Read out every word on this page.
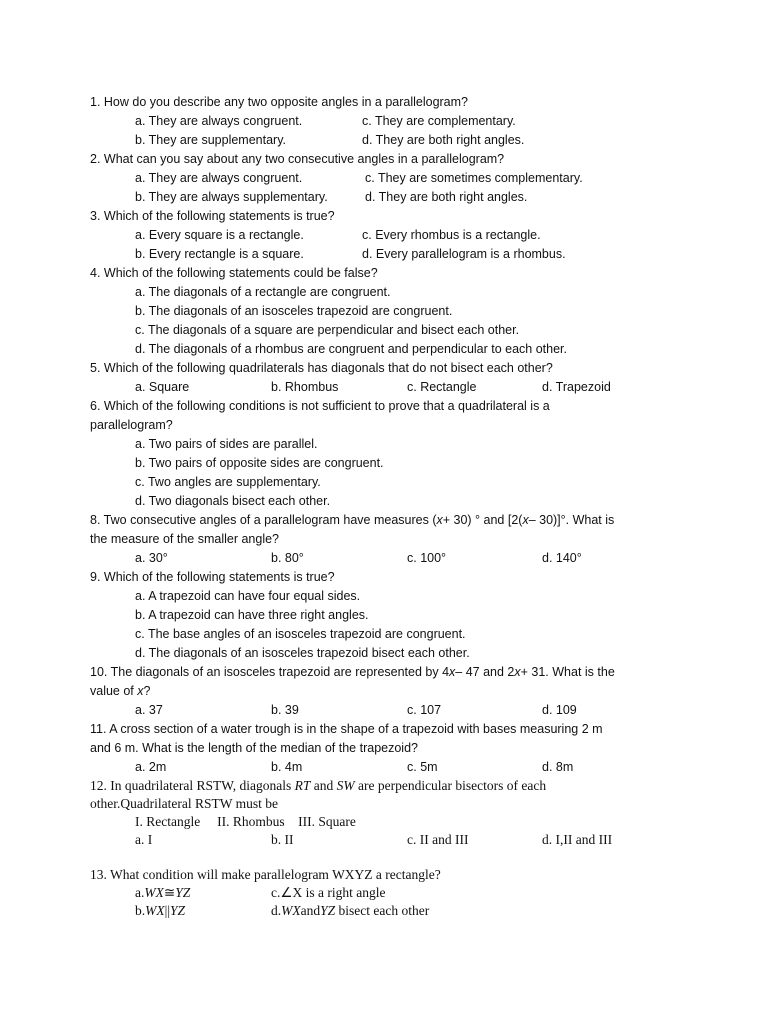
1. How do you describe any two opposite angles in a parallelogram?
a. They are always congruent.	c. They are complementary.
b. They are supplementary.	d. They are both right angles.
2. What can you say about any two consecutive angles in a parallelogram?
a. They are always congruent.	c. They are sometimes complementary.
b. They are always supplementary.	d. They are both right angles.
3. Which of the following statements is true?
a. Every square is a rectangle.	c. Every rhombus is a rectangle.
b. Every rectangle is a square.	d. Every parallelogram is a rhombus.
4. Which of the following statements could be false?
a. The diagonals of a rectangle are congruent.
b. The diagonals of an isosceles trapezoid are congruent.
c. The diagonals of a square are perpendicular and bisect each other.
d. The diagonals of a rhombus are congruent and perpendicular to each other.
5. Which of the following quadrilaterals has diagonals that do not bisect each other?
a. Square	b. Rhombus	c. Rectangle	d. Trapezoid
6. Which of the following conditions is not sufficient to prove that a quadrilateral is a
parallelogram?
a. Two pairs of sides are parallel.
b. Two pairs of opposite sides are congruent.
c. Two angles are supplementary.
d. Two diagonals bisect each other.
8. Two consecutive angles of a parallelogram have measures (x+ 30) ° and [2(x– 30)]°. What is
the measure of the smaller angle?
a. 30°	b. 80°	c. 100°	d. 140°
9. Which of the following statements is true?
a. A trapezoid can have four equal sides.
b. A trapezoid can have three right angles.
c. The base angles of an isosceles trapezoid are congruent.
d. The diagonals of an isosceles trapezoid bisect each other.
10. The diagonals of an isosceles trapezoid are represented by 4x– 47 and 2x+ 31. What is the
value of x?
a. 37	b. 39	c. 107	d. 109
11. A cross section of a water trough is in the shape of a trapezoid with bases measuring 2 m
and 6 m. What is the length of the median of the trapezoid?
a. 2m	b. 4m	c. 5m	d. 8m
12. In quadrilateral RSTW, diagonals RT and SW are perpendicular bisectors of each
other.Quadrilateral RSTW must be
I. Rectangle     II. Rhombus    III. Square
a. I	b. II	c. II and III	d. I,II and III
13. What condition will make parallelogram WXYZ a rectangle?
a.WX≅YZ	c.∠X is a right angle
b.WX||YZ	d.WXandYZ bisect each other
